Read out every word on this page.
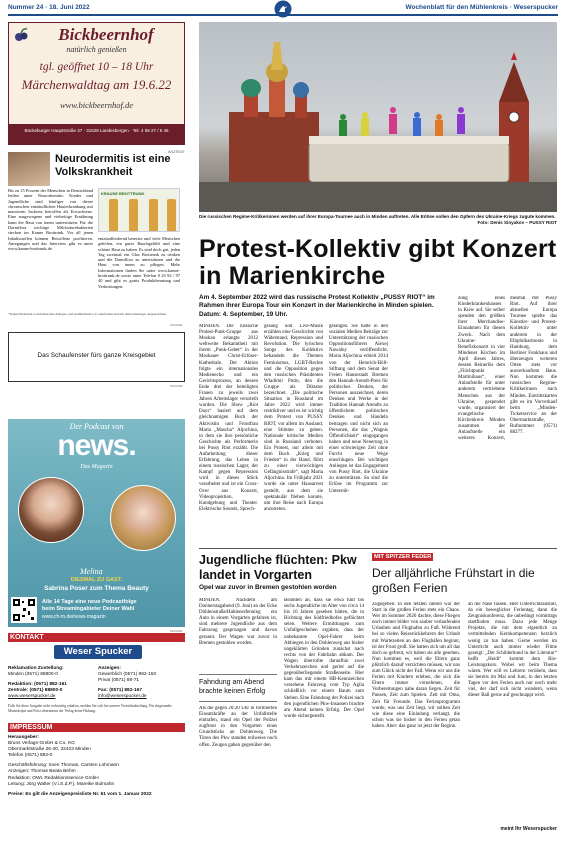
Nummer 24 · 18. Juni 2022	Wochenblatt für den Mühlenkreis · Weserspucker
Bickbeernhof
natürlich genießen
tgl. geöffnet 10 – 18 Uhr
Märchenwaldtag am 19.6.22
www.bickbeernhof.de
Bückeburger Hauptstraße 37 · 31628 Landesbergen · Tel. 4 58 27 / 5 45
ANZEIGE
Neurodermitis ist eine Volkskrankheit
Bis zu 15 Prozent der Menschen in Deutschland leiden unter Neurodermitis. Kinder und Jugendliche sind häufiger von dieser chronischen entzündlichen Hauterkrankung mit massivem Juckreiz betroffen als Erwachsene. Eine ausgewogene und vielseitige Ernährung kann die Haut von innen unterstützen. Für die Darmflora wichtige Milchsäurebakterien stecken im Kanne Brottrunk. Vor all jenen Inhaltsstoffen können Betroffene profitieren. Anregungen und das Interview gibt es unter www.kanne-brottrunk.de.
KRAUSE BROTTRUNK
entzündfördernd besetzte und viele Menschen gehöfen, ein gutes Bauchgefühl und eine schöne Haut zu haben. Es sind doch gut, jeden Tag zweimal ein Glas Brottrunk zu trinken und die Darmflora zu unterstützen und die Haut von innen zu pflegen. Mehr Informationen finden Sie unter www.kanne-brottrunk.de sowie unter Telefon 0 25 92 / 97 40 und gibt es gratis Produktberatung und Verkostungen.
*Kanne Brottrunk vom Deutschen Allergie- und Asthmabund e.V. empfohlen und mit dem Gütesiegel ausgezeichnet
1024-001
Das Schaufenster fürs ganze Kreisgebiet
1024-002
Der Podcast von
news.
Das Magazin
Melina
DIESMAL ZU GAST:
Sabrina Poser zum Thema Beauty
Alle 14 Tage eine neue Podcastfolge
beim Streamingabieter Deiner Wahl
www.ch-m.de/news-magazin
1024-001
KONTAKT
Weser Spucker
Reklamation Zustellung:
Minden (0571) 88800-0
Redaktion: (0571) 882-161
Zentrale: (0571) 88800-0
www.weserspucker.de
Anzeigen:
Gewerblich (0571) 882-150
Privat (0571) 88-71
Fax: (0571) 882-167
info@weserspucker.de
Falls Sie diese Ausgabe nicht rechtzeitig erhalten, melden Sie sich bei unserer Vertriebsabteilung. Für eingesandte Manuskripte und Fotos übernimmt der Verlag keine Haftung.
IMPRESSUM
Herausgeber:
Bruns Verlags-GmbH & Co. KG
Obermarktstraße 26-30, 32423 Minden
Telefon (0571) 882-0
Geschäftsführung: Sven Thomas, Carsten Lohmann
Anzeigen: Thomas Beata Behm
Redaktion: OWL Redaktionsservice GmbH
Leitung: Jörg Walter (V.i.S.d.P.), Mareike Bulmahn
Preise: Es gilt die Anzeigenpreisliste Nr. 61 vom 1. Januar 2022
Die russischen Regime-Kritikerinnen werden auf ihrer Europa-Tournee auch in Minden auftreten. Alle Erlöse sollen den Opfern des Ukraine-Kriegs zugute kommen.
Foto: Denis Sinyakov – PUSSY RIOT
Protest-Kollektiv gibt Konzert in Marienkirche
Am 4. September 2022 wird das russische Protest Kollektiv „PUSSY RIOT“ im Rahmen ihrer Europa Tour ein Konzert in der Marienkirche in Minden spielen. Datum: 4. September, 19 Uhr.
MINDEN. Die russische Protest-Punk-Gruppe aus Moskau erlangte 2012 weltweite Bekanntheit mit ihrem „Punk-Gebet“ in der Moskauer Christ-Erlöser-Kathedrale. Der Aktion folgte ein internationales Medienecho und ein Gerichtsprozess, an dessen Ende drei der beteiligten Frauen zu jeweils zwei Jahren Arbeitslager verurteilt wurden. Die Show „Riot Days“ basiert auf dem gleichnamigen Buch der Aktivistin und Frontfrau Maria „Mascha“ Aljochina, in dem sie ihre persönliche Geschichte als Performerin bei Pussy Riot erzählt. Die Aufarbeitung dieser Erfahrung, das Leben in einem russischen Lager, der Kampf gegen Repression wird in dieses Stück verarbeitet und ist ein Cross-Over aus Konzert, Videoprojektion, Kundgebung und Theater. Elektrische Sounds, Sprech-
gesang und Live-Musik erzählen eine Geschichte von Widerstand, Repression und Revolution. Die lyrischen Songs des Kollektivs behandeln die Themen Feminismus, LGBT-Rechte und die Opposition gegen den russischen Präsidenten Wladimir Putin, den die Gruppe als Diktator bezeichnet. „Die politische Situation in Russland im Jahre 2022 wird immer restriktiver und es ist wichtig dem Protest von PUSSY RIOT, vor allem im Ausland, eine Stimme zu geben. Nationale kritische Medien sind in Russland verboten. Ein Protest, nur allein mit dem Buch „Krieg und Frieden“ in der Hand, führt zu einer vierwöchigen Gefängnisstrafe“, sagt Maria Aljochina. Im Frühjahr 2021 wurde sie unter Hausarrest gestellt, aus dem sie spektakulär fliehen konnte, um ihre Reise nach Europa anzutreten.
gelangen. Sie hatte in den sozialen Medien Beiträge zur Unterstützung der russischen Oppositionsführers Alexej Nawalny veröffentlicht. Maria Aljochina erhielt 2014 von der Heinrich-Böll-Stiftung und dem Senat der Freien Hansestadt Bremen den Hannah-Arendt-Preis für politisches Denken, der Personen auszeichnet, deren Denken und Werke in der Tradition Hannah Arendts zu öffentlichem politischen Denken und Handeln beitragen und nicht sich an Personen, die das „Wagnis Öffentlichkeit“ eingegangen haben und neue Neuerung in einer schwierigen Zeit ohne Furcht neue Wege einschlugen. Bei wichtigen Anliegen ist das Engagement von Pussy Riot, die Ukraine zu unterstützen. So sind die Erlöse im Programm zur Unterstüt-
zung eines Kinderkrankenhauses in Kiew auf. Sie selber spenden den größten ihrer Merchandise-Einnahmen für diesen Zweck. Nach dem Ukraine-Benefizkonzert in vier Mindener Kirchen im April dieses Jahres, dessen Reinerlös dem „Flüchtpunkt Martinihaus“, einer Anlaufstelle für unter anderem vertriebene Menschen aus der Ukraine, gespendet wurde, organisiert der evangelische Kirchenkreis Minden zusammen der Anlaufstelle ein weiteres Konzert, diesmal mit Pussy Riot. Auf ihrer aktuellen Europa Tournee spielte das Künstler- und Protest-Kollektiv unter anderem in der Elbphilharmonie in Hamburg, dem Berliner Funkhaus und überzeugen weiteren Orten stets vor ausverkauftem Haus. Nun kommen die russischen Regime-Kritikerinnen nach Minden. Eintrittskarten gibt es im Vorverkauf beim „Minden-Ticketservice an der Obermarktstraße, Rufnummer (0571) 88277.
Jugendliche flüchten: Pkw landet in Vorgarten
Opel war zuvor in Bremen gestohlen worden
MINDEN. Nachdem am Donnerstagabend (9. Juni) an der Ecke Döhlenstraße/Hahlenerfenning ein Auto in einem Vorgarten gefahren ist, sind mehrere Jugendliche aus dem Fahrzeug gesprungen und davon gerannt. Der Wagen war zuvor in Bremen gestohlen worden.
Fahndung am Abend brachte keinen Erfolg
Als die gegen 20:20 Uhr in formierten Einsatzkräfte an der Unfallstelle eintrafen, stand ein Opel der Polizei zugfront in den Vorgarten eines Grundstücks an Dohlenweg. Die Türen des Pkw standen teilweise noch offen. Zeugen gaben gegenüber den
Beamten an, dass sie etwa fünf bis sechs Jugendliche im Alter von circa 14 bis 16 Jahren gesehen hätten, die in Richtung des Südfriedhofes geflüchtet seien. Weitere Ermittlungen zum Unfallgeschehen ergaben, dass der unbekannte Opel-Fahrer beim Abbiegen in den Dohlenweg aus bisher ungeklärten Gründen zunächst nach rechts von der Fahrbahn abkam. Der Wagen überrollte daraufhin zwei Verkehrszeichen und geriet auf die gegenüberliegende Straßenseite. Hier kam das mit einem HB-Kennzeichen versehene Fahrzeug vom Typ Agila schließlich vor einem Baum zum Stehen. Eine Fahndung der Polizei nach den jugendlichen Pkw-Insassen brachte am Abend keinen Erfolg. Der Opel wurde sichergestellt.
MIT SPITZER FEDER
Der alljährliche Frühstart in die großen Ferien
Zugegeben: In den letzten Jahren war der Start in die großen Ferien stets ein Chaos. Wer im Sommer 2020 dachte, diese Fliegen noch immer bilder von sauber verlaufenden Urlauben und Flughafen zu Fuß. Während bei so vielen Reiserückkehrern der Urlaub mit Wartezeiten an den Flughäfen beginnt, ist der Frust groß. Sie hatten sich um all das doch so gefreut, wir haben sie alle gesehen. Nun kommen es, weil die Eltern ganz plötzlich darauf verzichten müssen, wir uns zum Glück nicht der Fall. Wenn wir uns die Ferien mit Kindern erleben, die sich die Eltern immer vornehmen, die Vorbereitungen nahe daran liegen. Zeit für Pausen, Zeit zum Spielen. Zeit mit Oma, Zeit für Freunde. Das Ferienprogramm wurde, was uns Zeit liegt, wir sollten Zeit wie diese eine Einladung verlangt, die schon was sie bisher in den Ferien getan haben. Aber: das ganz ist jetzt der Beginn.
an die Nase fassen. Hier Unterrichtsausfall, da ein beweglicher Ferientag, dann die Zeugniskonferenz, die unbedingt vormittags stattfinden muss. Dazu jede Menge Projekte, die mit dem eigentlich zu vermittelnden Kernkompetenzen herzlich wenig zu tun haben. Gerne werden im Unterricht auch immer wieder Filme gezeigt: „Der Schilderhund in der Literatur“ heißt „Heidi“ kommt dem Bio-Leistungskurs. Wobei wir beim Thema wären. Wer will es Lehrern verübeln, dass sie bereits im Mai und Juni, in den letzten Tagen vor den Ferien auch nur noch mehr viel, der darf sich nicht wundern, wenn dieser Ball gerne auf geschnappt wird.
meint Ihr Weserspucker
